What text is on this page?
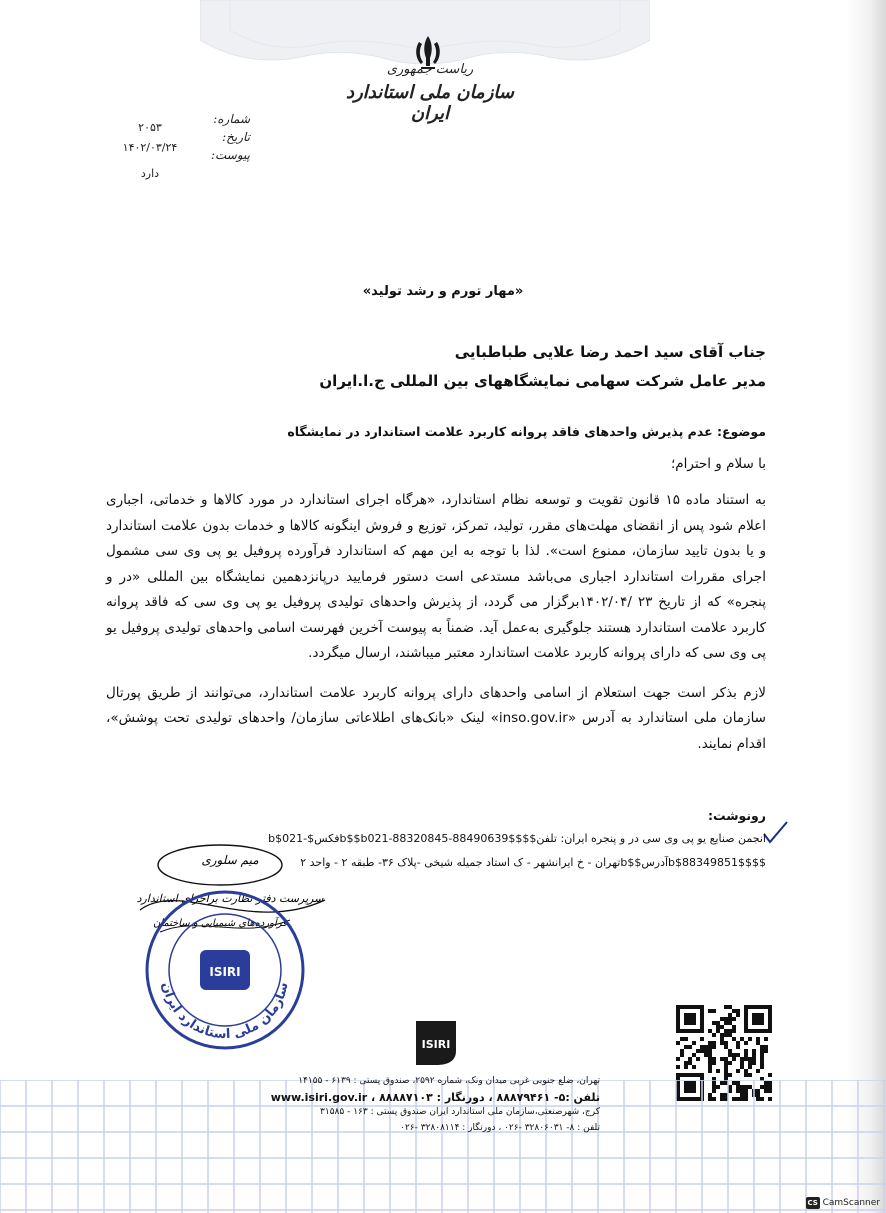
ریاست جمهوری
سازمان ملی استاندارد ایران
شماره:
تاریخ:
پیوست:
۲۰۵۳
۱۴۰۲/۰۳/۲۴
دارد
«مهار تورم و رشد تولید»
جناب آقای سید احمد رضا علایی طباطبایی
مدیر عامل شرکت سهامی نمایشگاههای بین المللی ج.ا.ایران
موضوع: عدم پذیرش واحدهای فاقد پروانه کاربرد علامت استاندارد در نمایشگاه
با سلام و احترام؛

به استناد ماده ۱۵ قانون تقویت و توسعه نظام استاندارد، «هرگاه اجرای استاندارد در مورد کالاها و خدماتی، اجباری اعلام شود پس از انقضای مهلت‌های مقرر، تولید، تمرکز، توزیع و فروش اینگونه کالاها و خدمات بدون علامت استاندارد و یا بدون تایید سازمان، ممنوع است». لذا با توجه به این مهم که استاندارد فرآورده پروفیل یو پی وی سی مشمول اجرای مقررات استاندارد اجباری می‌باشد مستدعی است دستور فرمایید درپانزدهمین نمایشگاه بین المللی «در و پنجره» که از تاریخ ۲۳ /۱۴۰۲/۰۴برگزار می گردد، از پذیرش واحدهای تولیدی پروفیل یو پی وی سی که فاقد پروانه کاربرد علامت استاندارد هستند جلوگیری به‌عمل آید. ضمناً به پیوست آخرین فهرست اسامی واحدهای تولیدی پروفیل یو پی وی سی که دارای پروانه کاربرد علامت استاندارد معتبر میباشند، ارسال میگردد.

لازم بذکر است جهت استعلام از اسامی واحدهای دارای پروانه کاربرد علامت استاندارد، می‌توانند از طریق پورتال سازمان ملی استاندارد به آدرس «inso.gov.ir» لینک «بانک‌های اطلاعاتی سازمان/ واحدهای تولیدی تحت پوشش»، اقدام نمایند.

رونوشت:
انجمن صنایع یو پی وی سی در و پنجره ایران: تلفن$$b$$b021-88320845-88490639$$فکس$-b$021
$$b$88349851$$آدرس$$bتهران - خ ایرانشهر - ک استاد جمیله شیخی -پلاک ۳۶- طبقه ۲ - واحد ۲
میم سلوری
سرپرست دفتر نظارت براجرای استاندارد
فرآورده‌های شیمیایی و ساختمان
سازمان ملی استاندارد ایران
ISIRI
ISIRI
تهران، ضلع جنوبی غربی میدان ونک، شماره ۲۵۹۲، صندوق پستی : ۶۱۳۹ - ۱۴۱۵۵
تلفن :۵- ۸۸۸۷۹۴۶۱ ، دورنگار : ۸۸۸۸۷۱۰۳ ، www.isiri.gov.ir
کرج، شهرصنعتی،سازمان ملی استاندارد ایران صندوق پستی : ۱۶۳ - ۳۱۵۸۵
تلفن : ۸- ۳۲۸۰۶۰۳۱ -۰۲۶ ، دورنگار : ۳۲۸۰۸۱۱۴ -۰۲۶
CS CamScanner
